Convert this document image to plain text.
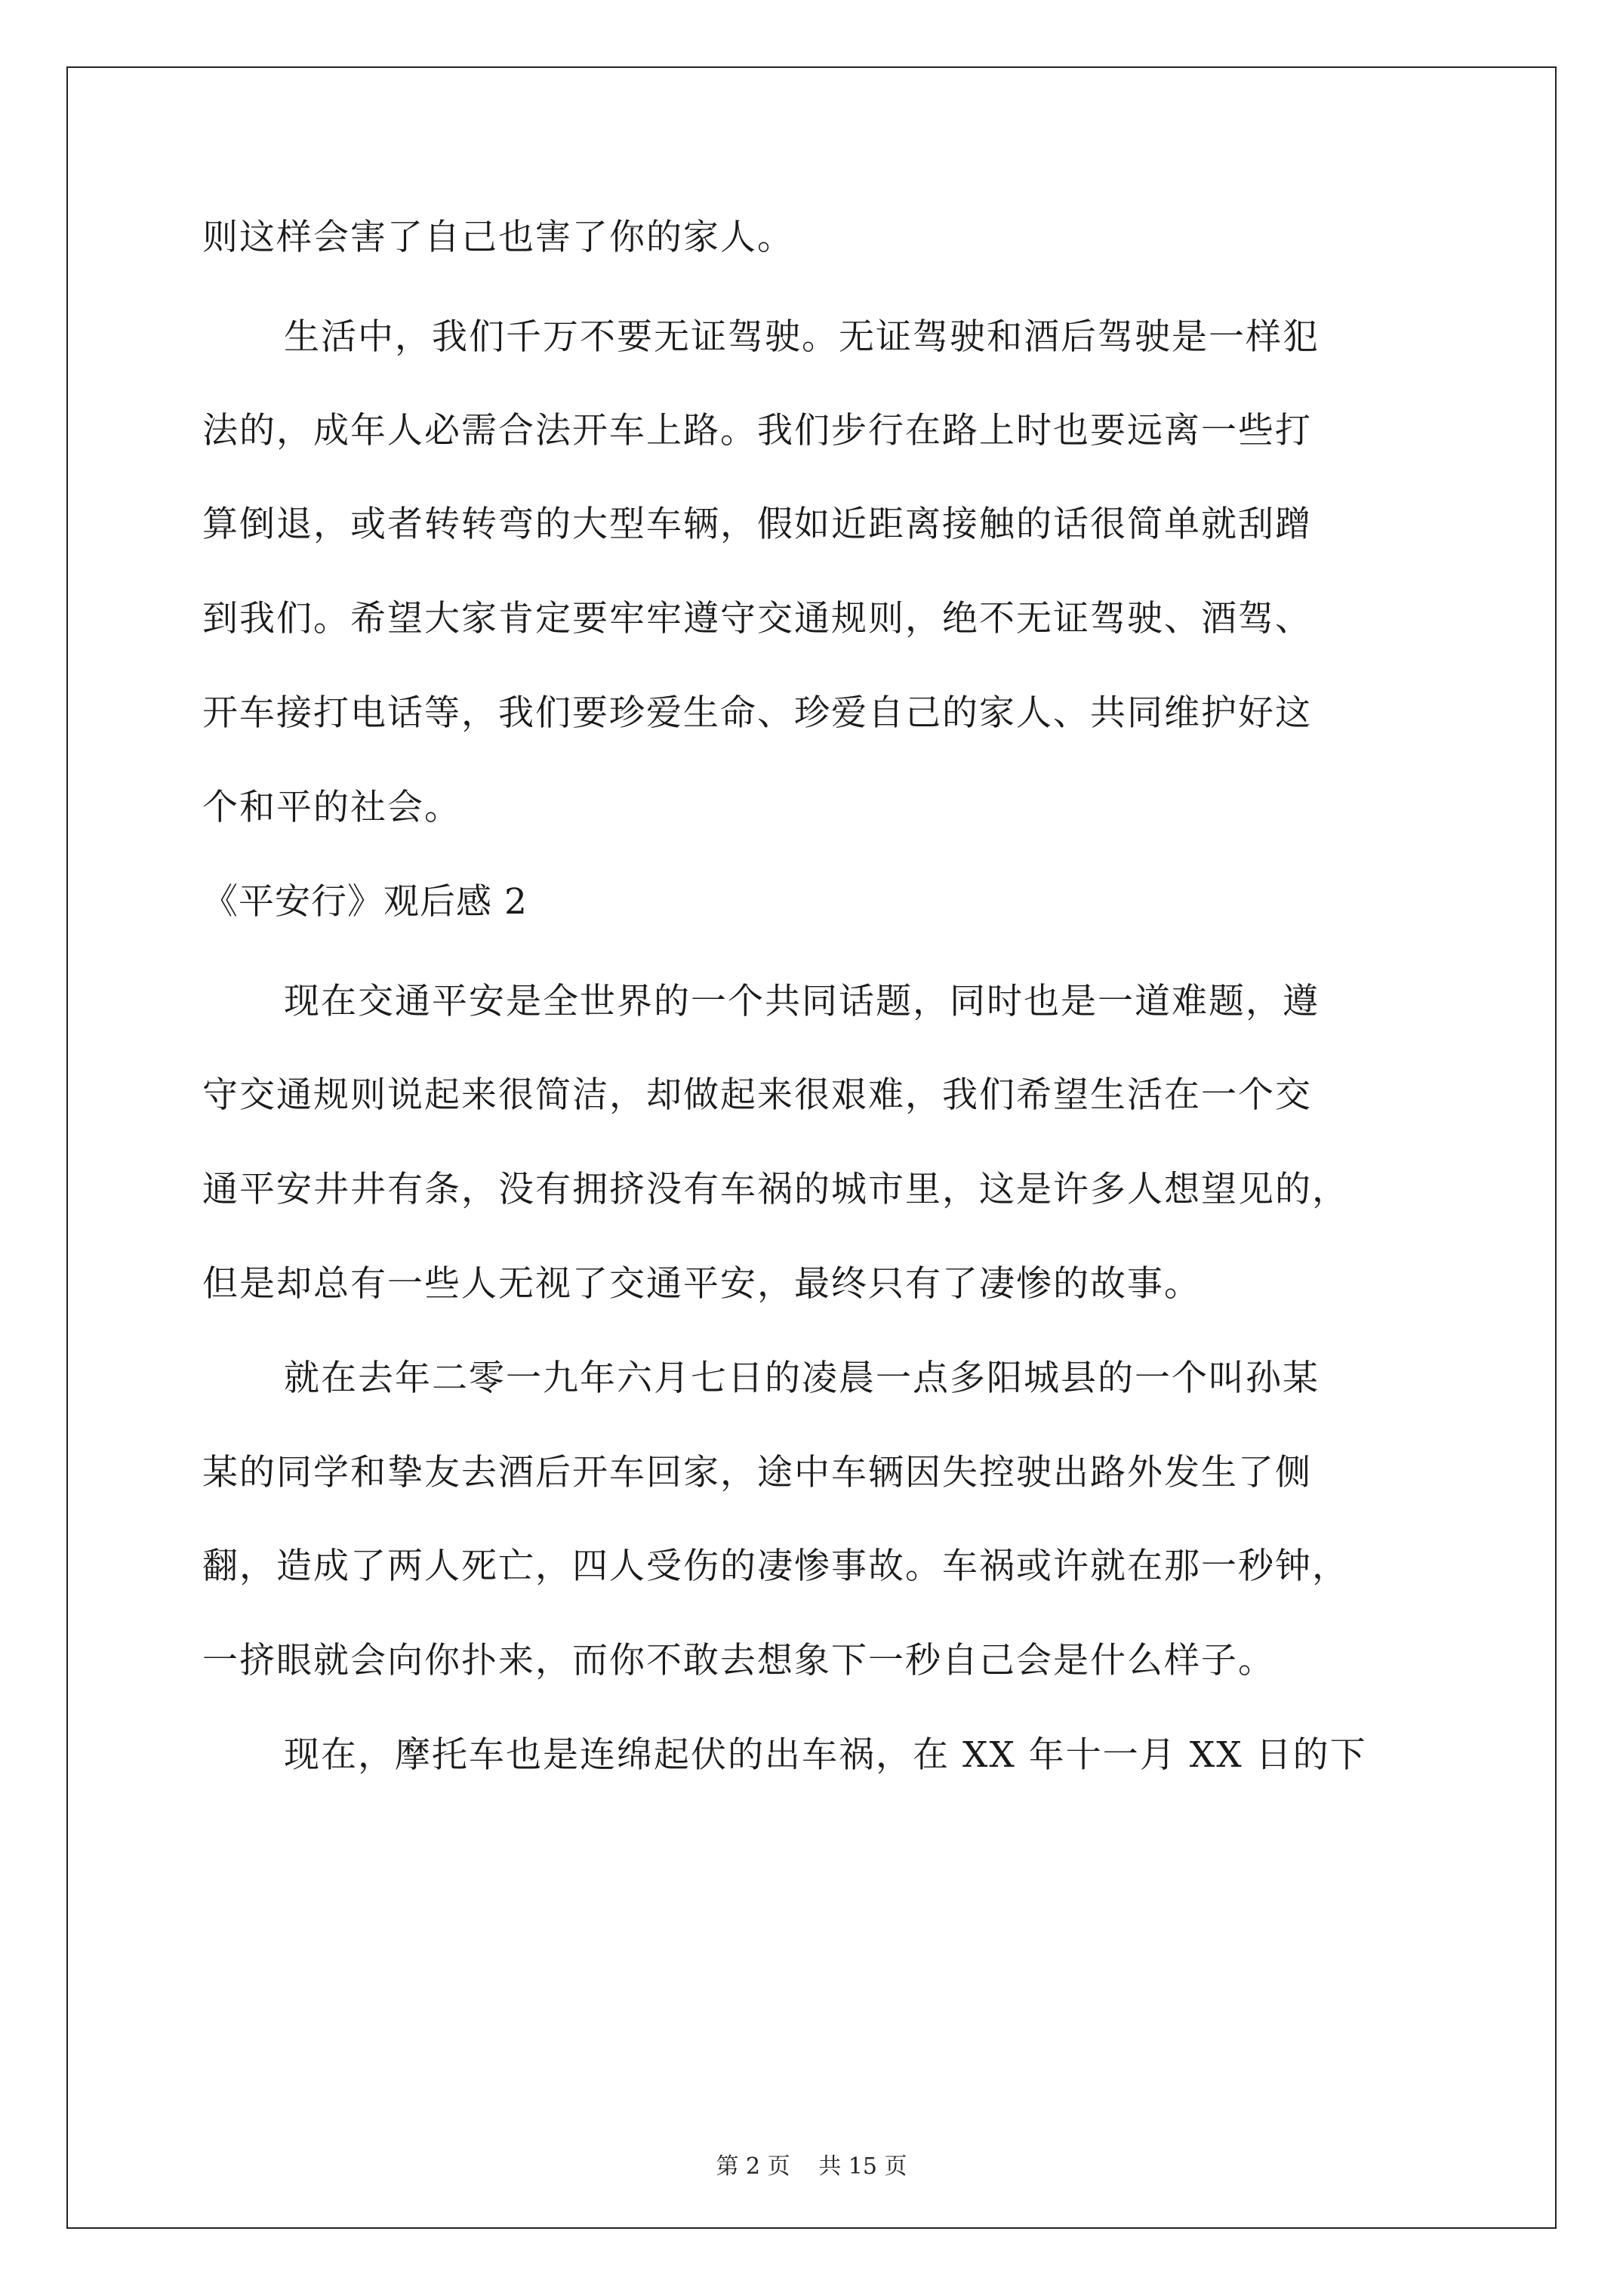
则这样会害了自己也害了你的家人。
生活中，我们千万不要无证驾驶。无证驾驶和酒后驾驶是一样犯
法的，成年人必需合法开车上路。我们步行在路上时也要远离一些打
算倒退，或者转转弯的大型车辆，假如近距离接触的话很简单就刮蹭
到我们。希望大家肯定要牢牢遵守交通规则，绝不无证驾驶、酒驾、
开车接打电话等，我们要珍爱生命、珍爱自己的家人、共同维护好这
个和平的社会。
《平安行》观后感 2
现在交通平安是全世界的一个共同话题，同时也是一道难题，遵
守交通规则说起来很简洁，却做起来很艰难，我们希望生活在一个交
通平安井井有条，没有拥挤没有车祸的城市里，这是许多人想望见的，
但是却总有一些人无视了交通平安，最终只有了凄惨的故事。
就在去年二零一九年六月七日的凌晨一点多阳城县的一个叫孙某
某的同学和挚友去酒后开车回家，途中车辆因失控驶出路外发生了侧
翻，造成了两人死亡，四人受伤的凄惨事故。车祸或许就在那一秒钟，
一挤眼就会向你扑来，而你不敢去想象下一秒自己会是什么样子。
现在，摩托车也是连绵起伏的出车祸，在 XX 年十一月 XX 日的下
第 2 页 共 15 页
